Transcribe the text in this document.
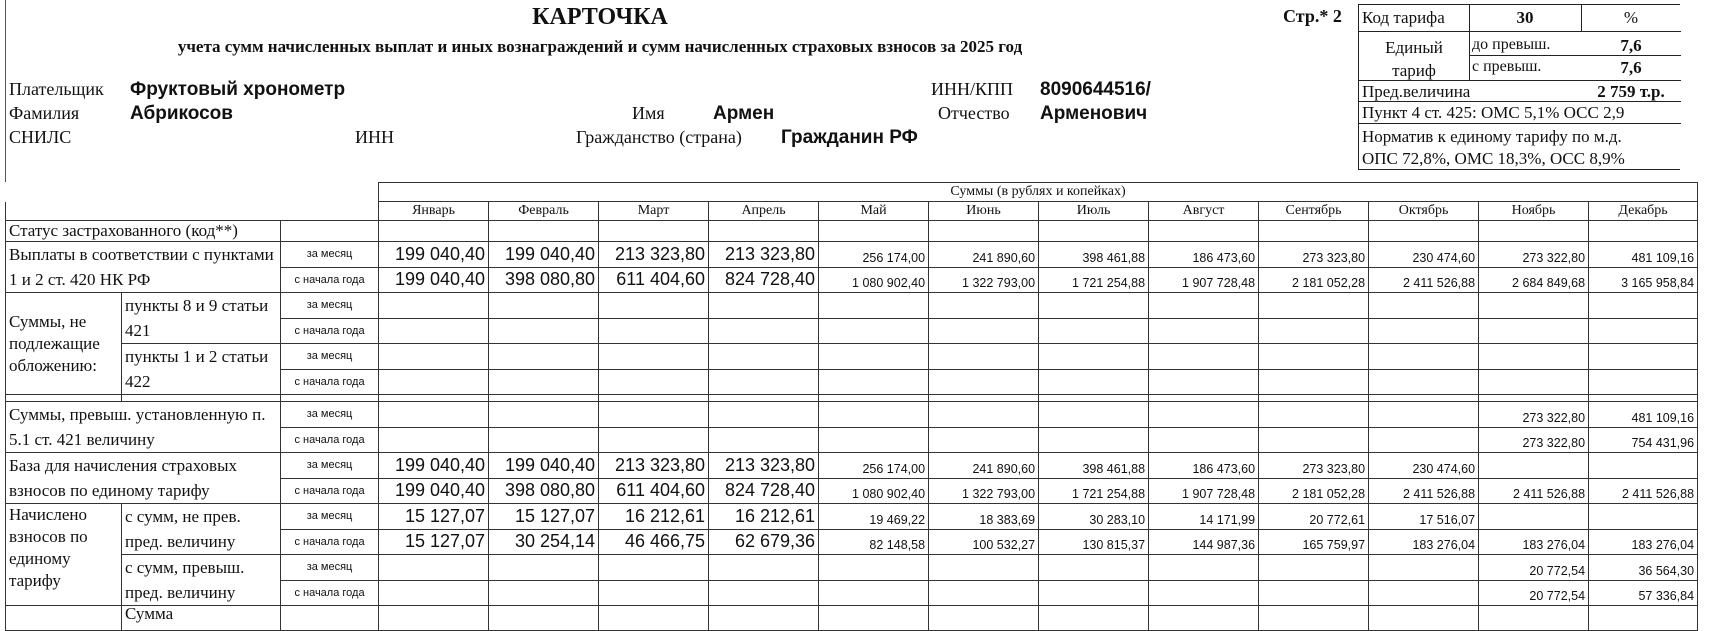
КАРТОЧКА
учета сумм начисленных выплат и иных вознаграждений и сумм начисленных страховых взносов за 2025 год
Стр.* 2
Плательщик Фруктовый хронометр	ИНН/КПП 8090644516/
Фамилия	Абрикосов	Имя	Армен	Отчество Арменович
СНИЛС	ИНН	Гражданство (страна) Гражданин РФ
Код тарифа	30	%
Единый тариф
до превыш.	7,6
с превыш.	7,6
Пред.величина	2 759 т.р.
Пункт 4 ст. 425: ОМС 5,1% ОСС 2,9
Норматив к единому тарифу по м.д.
ОПС 72,8%, ОМС 18,3%, ОСС 8,9%
			Суммы (в рублях и копейках)											
			Январь	Февраль	Март	Апрель	Май	Июнь	Июль	Август	Сентябрь	Октябрь	Ноябрь	Декабрь
Статус застрахованного (код**)														
Выплаты в соответствии с пунктами 1 и 2 ст. 420 НК РФ		за месяц	199 040,40	199 040,40	213 323,80	213 323,80	256 174,00	241 890,60	398 461,88	186 473,60	273 323,80	230 474,60	273 322,80	481 109,16
		с начала года	199 040,40	398 080,80	611 404,60	824 728,40	1 080 902,40	1 322 793,00	1 721 254,88	1 907 728,48	2 181 052,28	2 411 526,88	2 684 849,68	3 165 958,84
Суммы, не подлежащие обложению:	пункты 8 и 9 статьи 421	за месяц												
		с начала года												
	пункты 1 и 2 статьи 422	за месяц												
		с начала года												

Суммы, превыш. установленную п. 5.1 ст. 421 величину		за месяц											273 322,80	481 109,16
		с начала года											273 322,80	754 431,96
База для начисления страховых взносов по единому тарифу		за месяц	199 040,40	199 040,40	213 323,80	213 323,80	256 174,00	241 890,60	398 461,88	186 473,60	273 323,80	230 474,60		
		с начала года	199 040,40	398 080,80	611 404,60	824 728,40	1 080 902,40	1 322 793,00	1 721 254,88	1 907 728,48	2 181 052,28	2 411 526,88	2 411 526,88	2 411 526,88
Начислено взносов по единому тарифу	с сумм, не прев. пред. величину	за месяц	15 127,07	15 127,07	16 212,61	16 212,61	19 469,22	18 383,69	30 283,10	14 171,99	20 772,61	17 516,07		
		с начала года	15 127,07	30 254,14	46 466,75	62 679,36	82 148,58	100 532,27	130 815,37	144 987,36	165 759,97	183 276,04	183 276,04	183 276,04
	с сумм, превыш. пред. величину	за месяц											20 772,54	36 564,30
		с начала года											20 772,54	57 336,84
	Сумма													
